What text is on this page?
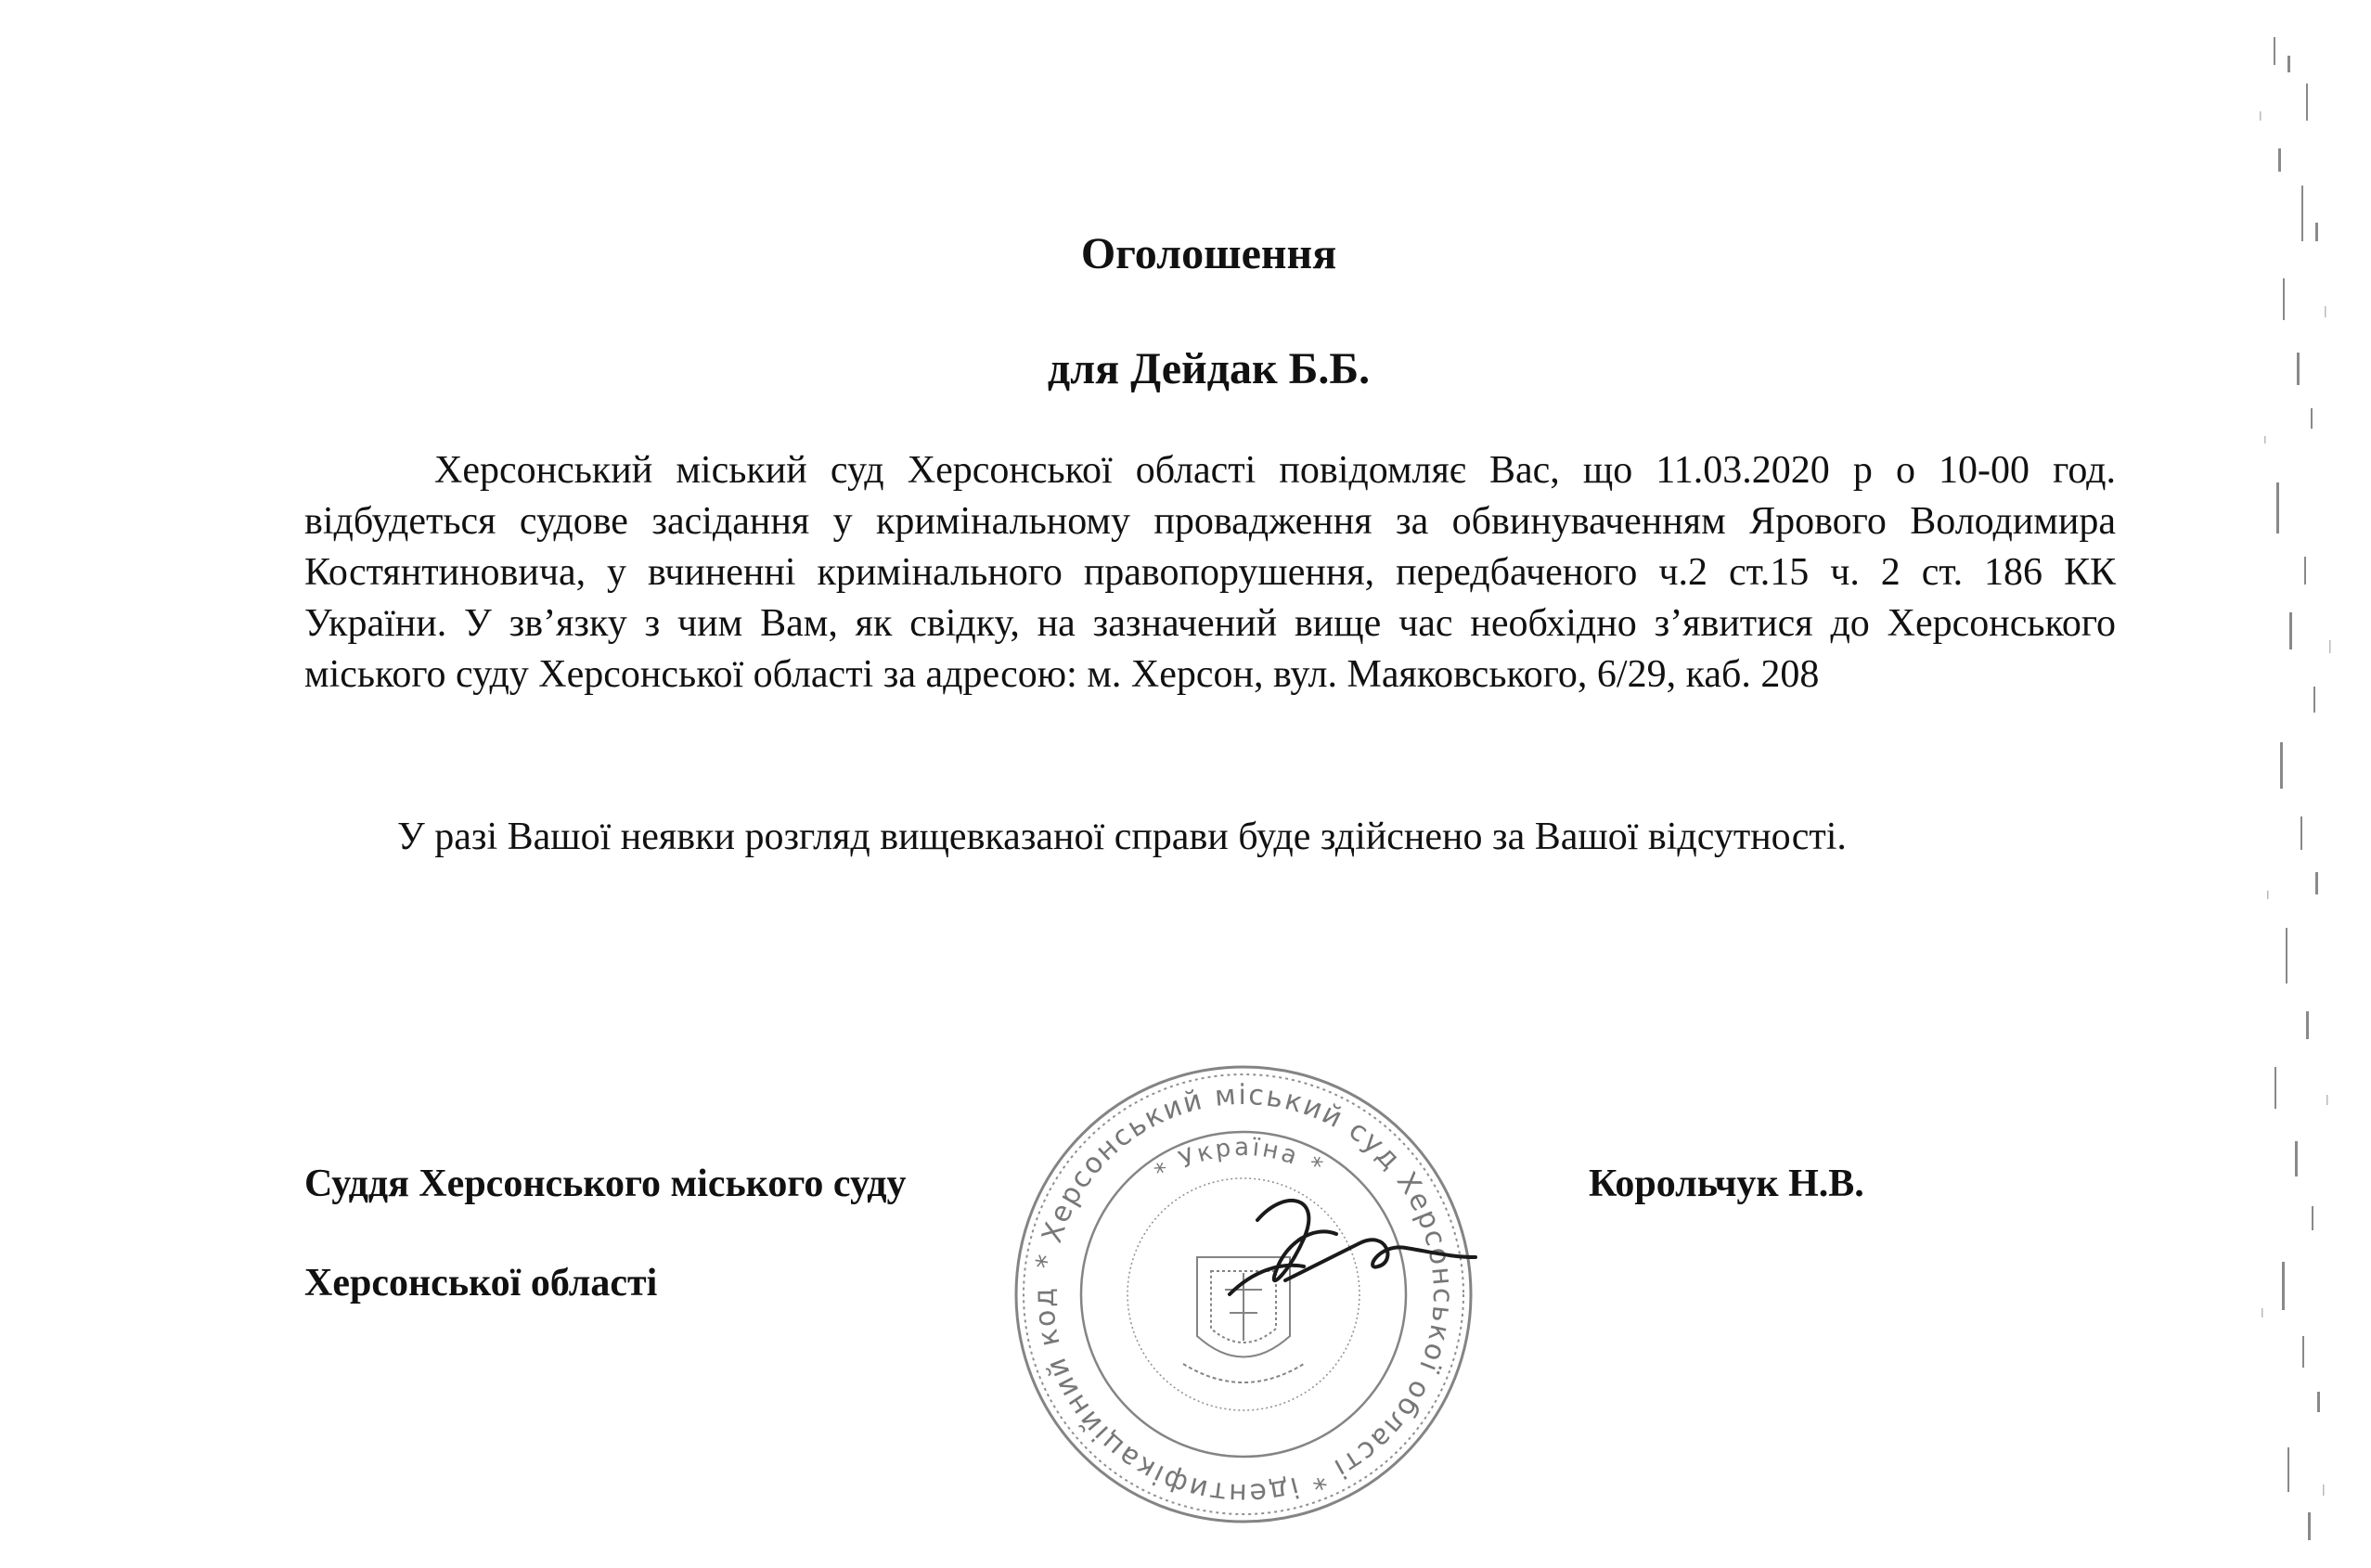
Оголошення
для Дейдак Б.Б.

Херсонський міський суд Херсонської області повідомляє Вас, що 11.03.2020 р о 10-00 год. відбудеться судове засідання у кримінальному провадження за обвинуваченням Ярового Володимира Костянтиновича, у вчиненні кримінального правопорушення, передбаченого ч.2 ст.15 ч. 2 ст. 186 КК України. У зв’язку з чим Вам, як свідку, на зазначений вище час необхідно з’явитися до Херсонського міського суду Херсонської області за адресою: м. Херсон, вул. Маяковського, 6/29, каб. 208

У разі Вашої неявки розгляд вищевказаної справи буде здійснено за Вашої відсутності.

Суддя Херсонського міського суду
Херсонської області
Корольчук Н.В.
* Херсонський міський суд Херсонської області * ідентифікаційний код
* Україна *
